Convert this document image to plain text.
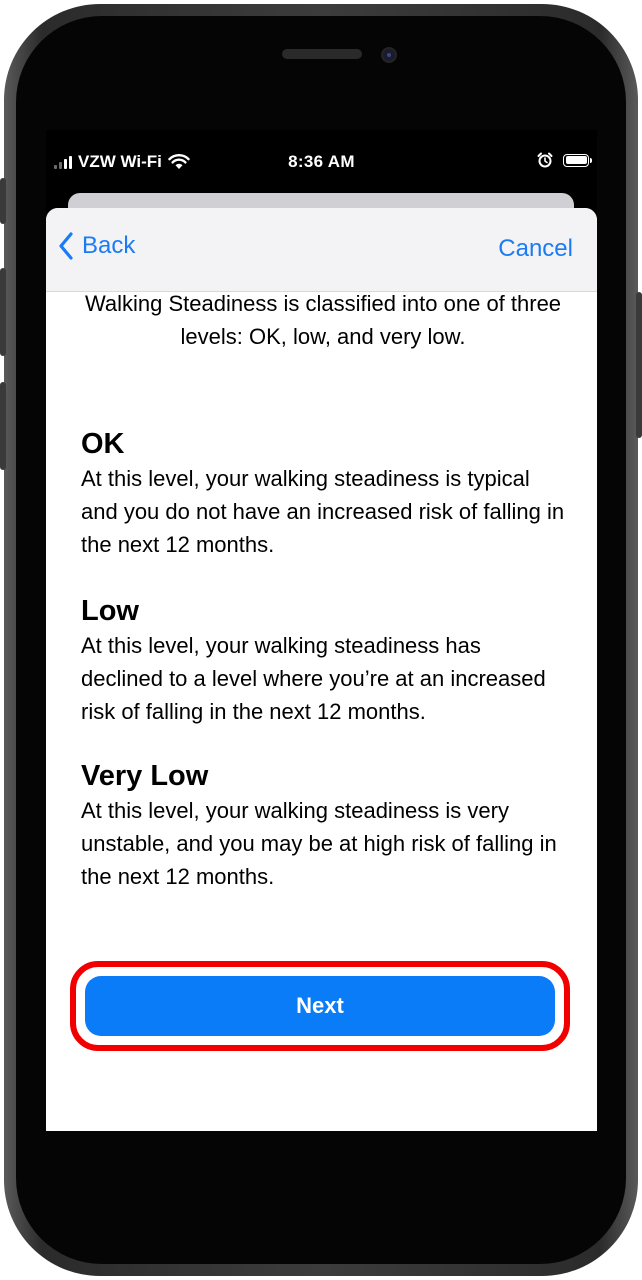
VZW Wi-Fi	8:36 AM
Back	Cancel

Walking Steadiness is classified into one of three levels: OK, low, and very low.

OK

At this level, your walking steadiness is typical and you do not have an increased risk of falling in the next 12 months.

Low

At this level, your walking steadiness has declined to a level where you’re at an increased risk of falling in the next 12 months.

Very Low

At this level, your walking steadiness is very unstable, and you may be at high risk of falling in the next 12 months.

Next
